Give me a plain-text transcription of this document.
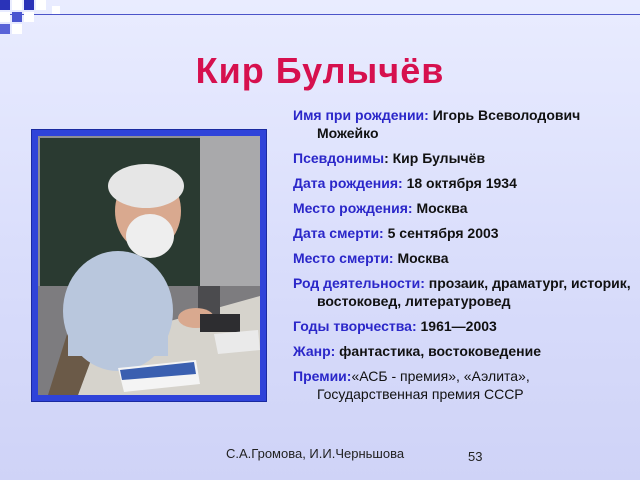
Кир Булычёв
Имя при рождении: Игорь Всеволодович Можейко
Псевдонимы: Кир Булычёв
Дата рождения: 18 октября 1934
Место рождения: Москва
Дата смерти: 5 сентября 2003
Место смерти: Москва
Род деятельности: прозаик, драматург, историк, востоковед, литературовед
Годы творчества: 1961—2003
Жанр: фантастика, востоковедение
Премии:«АСБ - премия», «Аэлита», Государственная премия СССР
С.А.Громова, И.И.Черньшова	53
